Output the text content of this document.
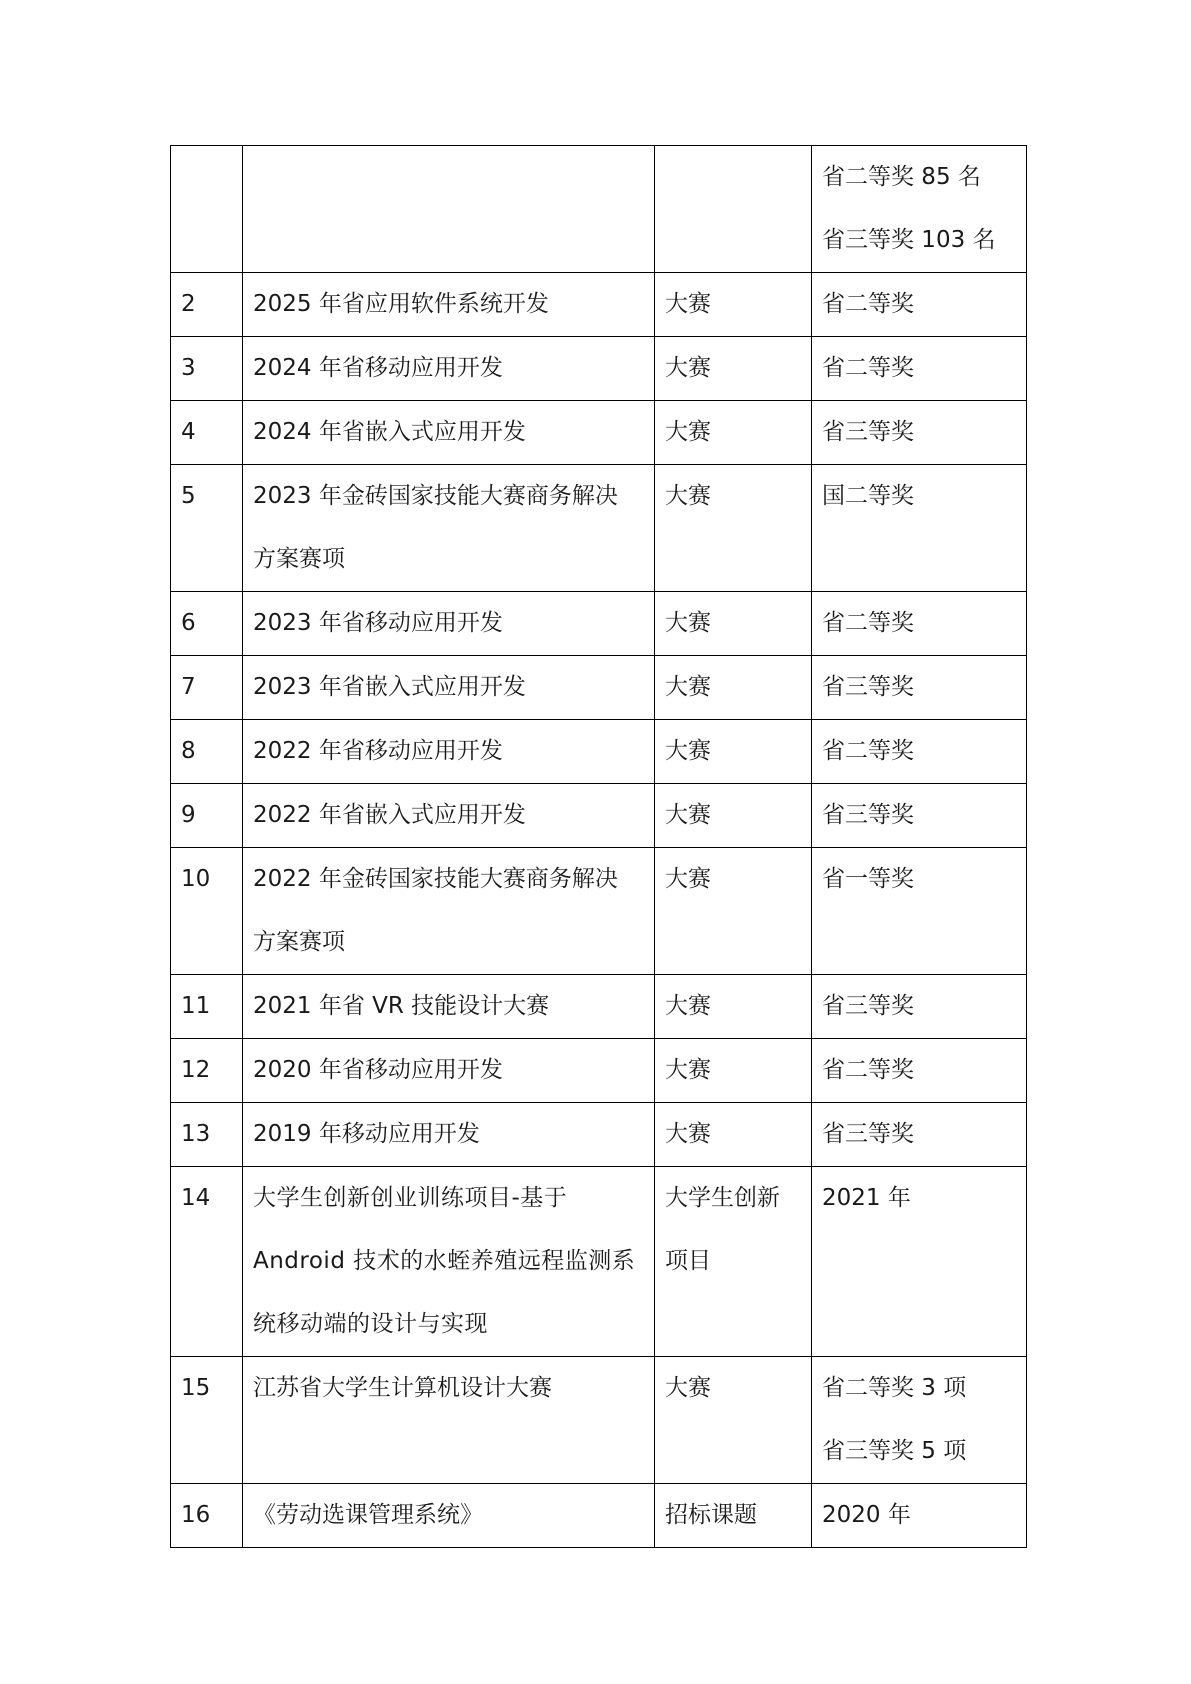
			省二等奖 85 名
省三等奖 103 名

2	2025 年省应用软件系统开发	大赛	省二等奖

3	2024 年省移动应用开发	大赛	省二等奖

4	2024 年省嵌入式应用开发	大赛	省三等奖

5	2023 年金砖国家技能大赛商务解决
方案赛项	大赛	国二等奖

6	2023 年省移动应用开发	大赛	省二等奖

7	2023 年省嵌入式应用开发	大赛	省三等奖

8	2022 年省移动应用开发	大赛	省二等奖

9	2022 年省嵌入式应用开发	大赛	省三等奖

10	2022 年金砖国家技能大赛商务解决
方案赛项	大赛	省一等奖

11	2021 年省 VR 技能设计大赛	大赛	省三等奖

12	2020 年省移动应用开发	大赛	省二等奖

13	2019 年移动应用开发	大赛	省三等奖

14	大学生创新创业训练项目-基于
Android 技术的水蛭养殖远程监测系
统移动端的设计与实现	大学生创新
项目	2021 年

15	江苏省大学生计算机设计大赛	大赛	省二等奖 3 项
省三等奖 5 项

16	《劳动选课管理系统》	招标课题	2020 年
